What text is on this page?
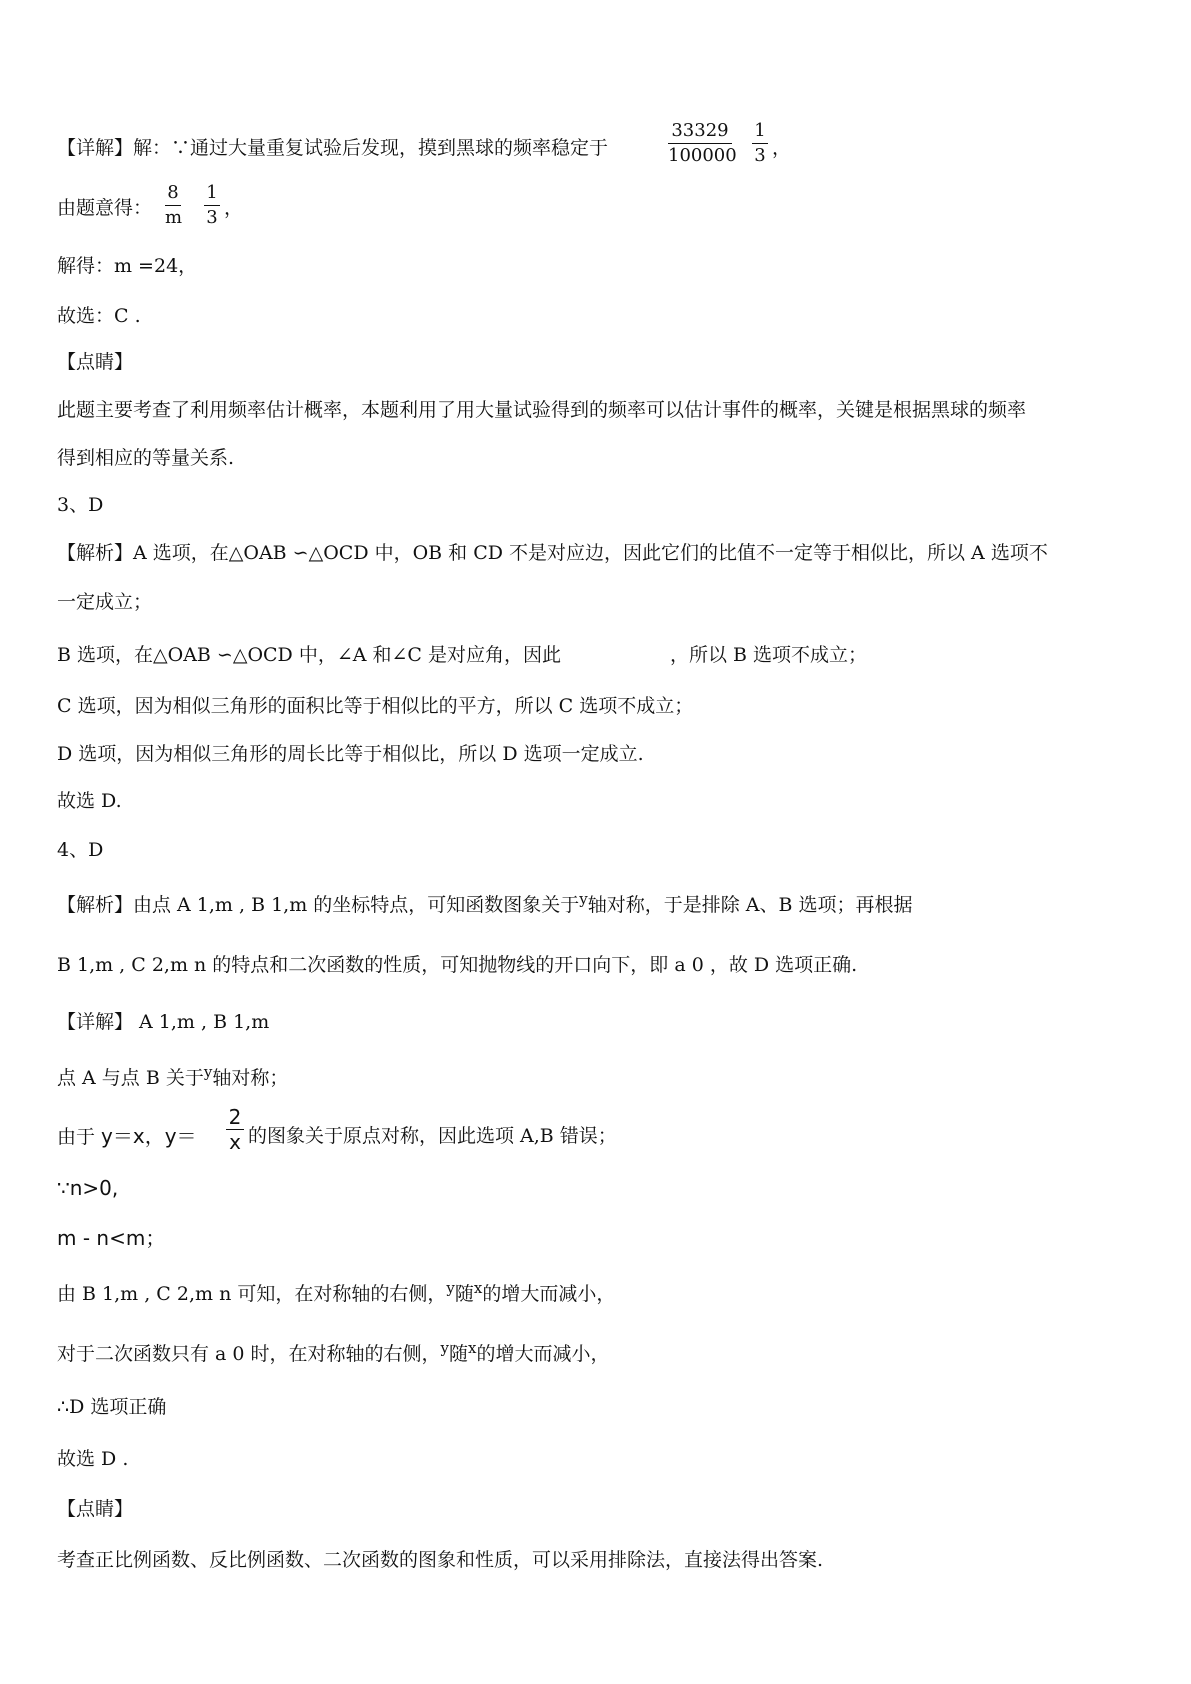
【详解】解：∵通过大量重复试验后发现，摸到黑球的频率稳定于
33329
100000
1
3 ，
由题意得：
8
m
1
3 ，
解得：m =24，
故选：C .
【点睛】
此题主要考查了利用频率估计概率，本题利用了用大量试验得到的频率可以估计事件的概率，关键是根据黑球的频率
得到相应的等量关系.
3、D
【解析】A 选项，在△OAB ∽△OCD 中，OB 和 CD 不是对应边，因此它们的比值不一定等于相似比，所以 A 选项不
一定成立；
B 选项，在△OAB ∽△OCD 中，∠A 和∠C 是对应角，因此	，所以 B 选项不成立；
C 选项，因为相似三角形的面积比等于相似比的平方，所以 C 选项不成立；
D 选项，因为相似三角形的周长比等于相似比，所以 D 选项一定成立.
故选 D.
4、D
【解析】由点 A 1,m , B 1,m 的坐标特点，可知函数图象关于$^y$轴对称，于是排除 A、B 选项；再根据
B 1,m , C 2,m n 的特点和二次函数的性质，可知抛物线的开口向下，即 a 0 ，故 D 选项正确.
【详解】 A 1,m , B 1,m
点 A 与点 B 关于$^y$轴对称；
由于 y＝x，y＝
2
x 的图象关于原点对称，因此选项 A,B 错误；
∵n>0,
m - n<m；
由 B 1,m , C 2,m n 可知，在对称轴的右侧，$^y$随$^x$的增大而减小，
对于二次函数只有 a 0 时，在对称轴的右侧，$^y$随$^x$的增大而减小，
∴D 选项正确
故选 D .
【点睛】
考查正比例函数、反比例函数、二次函数的图象和性质，可以采用排除法，直接法得出答案.
